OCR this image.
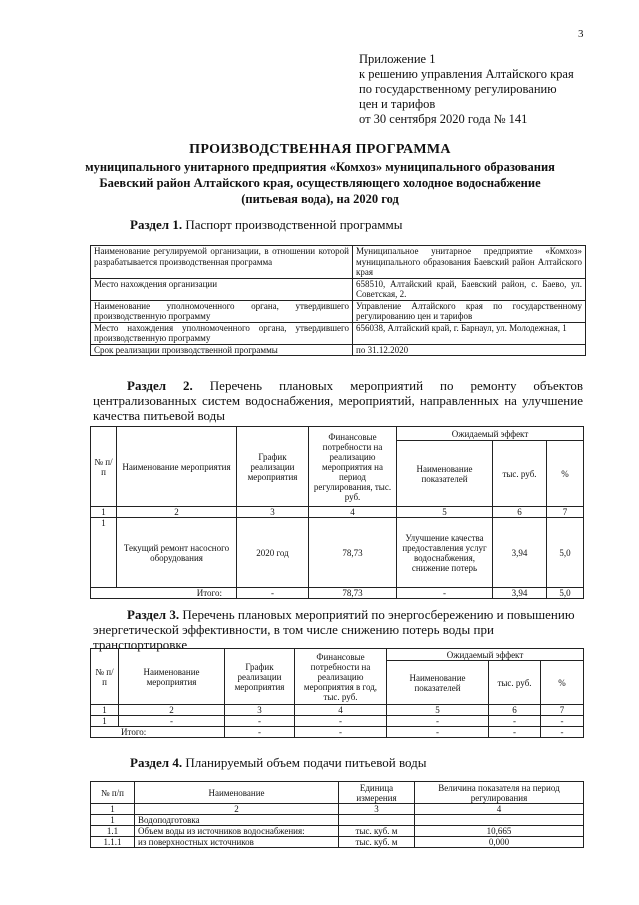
3
Приложение 1
к решению управления Алтайского края
по государственному регулированию
цен и тарифов
от 30 сентября 2020 года № 141
ПРОИЗВОДСТВЕННАЯ ПРОГРАММА
муниципального унитарного предприятия «Комхоз» муниципального образования
Баевский район Алтайского края, осуществляющего холодное водоснабжение
(питьевая вода), на 2020 год
Раздел 1. Паспорт производственной программы
Наименование регулируемой организации, в отношении которой разрабатывается производственная программа	Муниципальное унитарное предприятие «Комхоз» муниципального образования Баевский район Алтайского края
Место нахождения организации	658510, Алтайский край, Баевский район, с. Баево, ул. Советская, 2.
Наименование уполномоченного органа, утвердившего производственную программу	Управление Алтайского края по государственному регулированию цен и тарифов
Место нахождения уполномоченного органа, утвердившего производственную программу	656038, Алтайский край, г. Барнаул, ул. Молодежная, 1
Срок реализации производственной программы	по 31.12.2020
Раздел 2. Перечень плановых мероприятий по ремонту объектов централизованных систем водоснабжения, мероприятий, направленных на улучшение качества питьевой воды
№ п/п	Наименование мероприятия	График реализации мероприятия	Финансовые потребности на реализацию мероприятия на период регулирования, тыс. руб.	Ожидаемый эффект		
				Наименование показателей	тыс. руб.	%
1	2	3	4	5	6	7
1	Текущий ремонт насосного оборудования	2020 год	78,73	Улучшение качества предоставления услуг водоснабжения, снижение потерь	3,94	5,0
Итого:		-	78,73	-	3,94	5,0
Раздел 3. Перечень плановых мероприятий по энергосбережению и повышению энергетической эффективности, в том числе снижению потерь воды при транспортировке
№ п/п	Наименование мероприятия	График реализации мероприятия	Финансовые потребности на реализацию мероприятия в год, тыс. руб.	Ожидаемый эффект		
				Наименование показателей	тыс. руб.	%
1	2	3	4	5	6	7
1	-	-	-	-	-	-
Итого:		-	-	-	-	-
Раздел 4. Планируемый объем подачи питьевой воды
№ п/п	Наименование	Единица измерения	Величина показателя на период регулирования
1	2	3	4
1	Водоподготовка		
1.1	Объем воды из источников водоснабжения:	тыс. куб. м	10,665
1.1.1	из поверхностных источников	тыс. куб. м	0,000
